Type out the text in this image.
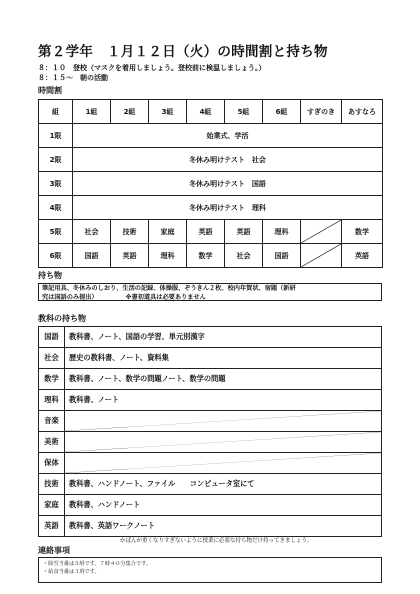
第２学年　１月１２日（火）の時間割と持ち物
８：１０　登校（マスクを着用しましょう。登校前に検温しましょう。）
８：１５～　朝の活動
時間割
組	1組	2組	3組	4組	5組	6組	すぎのき	あすなろ
1限	始業式、学活							
2限	冬休み明けテスト　社会							
3限	冬休み明けテスト　国語							
4限	冬休み明けテスト　理科							
5限	社会	技術	家庭	英語	英語	理科		数学
6限	国語	英語	理科	数学	社会	国語		英語
持ち物
筆記用具、冬休みのしおり、生活の記録、体操服、ぞうきん２枚、校内年賀状、宿題（新研
究は国語のみ提出）　　　　　※書初道具は必要ありません
教科の持ち物
国語	教科書、ノート、国語の学習、単元別漢字
社会	歴史の教科書、ノート、資料集
数学	教科書、ノート、数学の問題ノート、数学の問題
理科	教科書、ノート
音楽	

美術	

保体	

技術	教科書、ハンドノート、ファイル　　コンピュータ室にて
家庭	教科書、ハンドノート
英語	教科書、英語ワークノート
かばんが重くなりすぎないように授業に必要な持ち物だけ持ってきましょう。
連絡事項
・除雪当番は５組です。７時４０分集合です。
・給食当番は３班です。
